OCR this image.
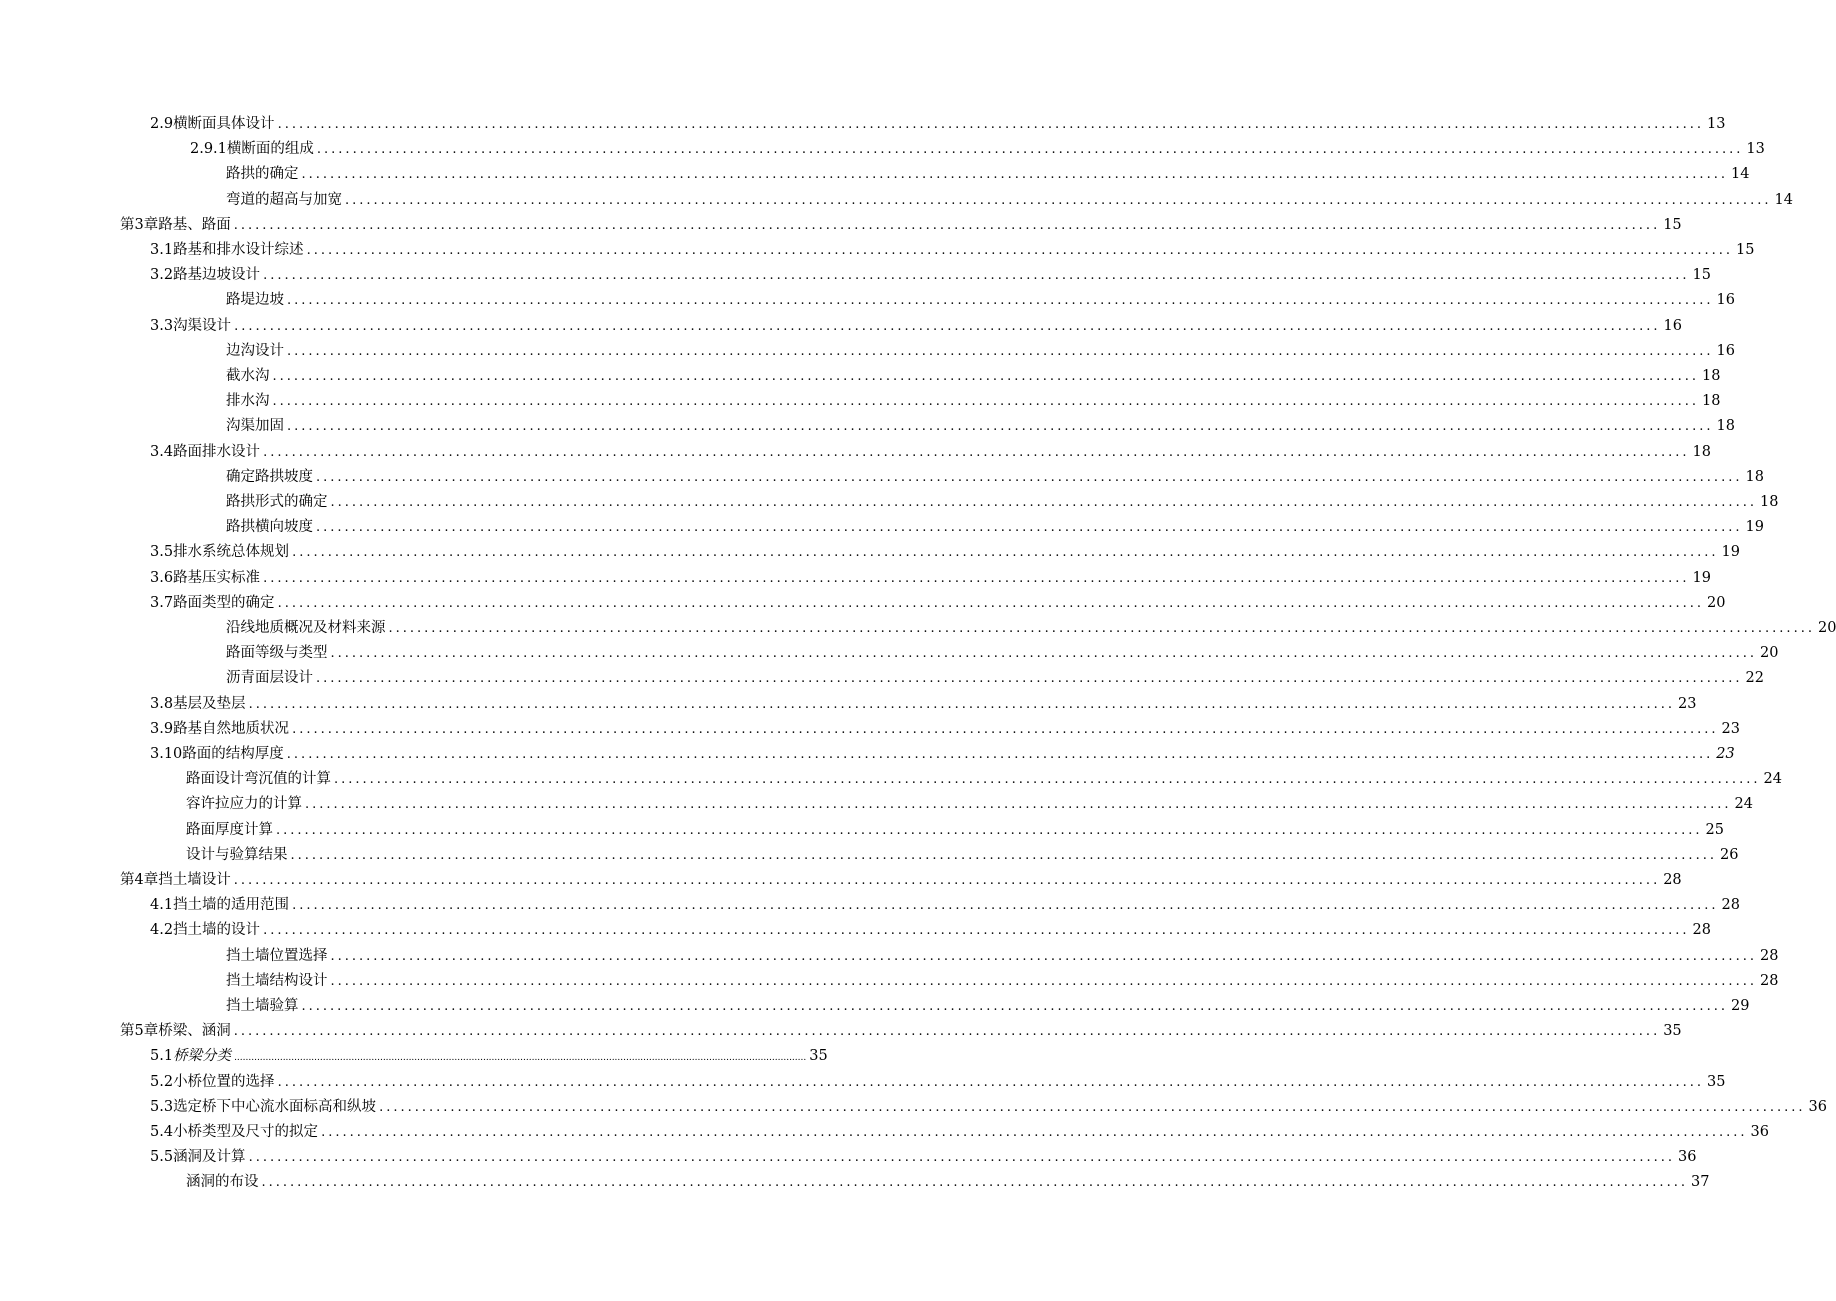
2.9 横断面具体设计 ........................................................................................................................................................................................................ 13
2.9.1 横断面的组成 ........................................................................................................................................................................................................ 13
路拱的确定 ........................................................................................................................................................................................................ 14
弯道的超高与加宽 ........................................................................................................................................................................................................ 14
第3章路基、路面 ........................................................................................................................................................................................................ 15
3.1 路基和排水设计综述 ........................................................................................................................................................................................................ 15
3.2 路基边坡设计 ........................................................................................................................................................................................................ 15
路堤边坡 ........................................................................................................................................................................................................ 16
3.3 沟渠设计 ........................................................................................................................................................................................................ 16
边沟设计 ........................................................................................................................................................................................................ 16
截水沟 ........................................................................................................................................................................................................ 18
排水沟 ........................................................................................................................................................................................................ 18
沟渠加固 ........................................................................................................................................................................................................ 18
3.4 路面排水设计 ........................................................................................................................................................................................................ 18
确定路拱坡度 ........................................................................................................................................................................................................ 18
路拱形式的确定 ........................................................................................................................................................................................................ 18
路拱横向坡度 ........................................................................................................................................................................................................ 19
3.5 排水系统总体规划 ........................................................................................................................................................................................................ 19
3.6 路基压实标准 ........................................................................................................................................................................................................ 19
3.7 路面类型的确定 ........................................................................................................................................................................................................ 20
沿线地质概况及材料来源 ........................................................................................................................................................................................................ 20
路面等级与类型 ........................................................................................................................................................................................................ 20
沥青面层设计 ........................................................................................................................................................................................................ 22
3.8 基层及垫层 ........................................................................................................................................................................................................ 23
3.9 路基自然地质状况 ........................................................................................................................................................................................................ 23
3.10 路面的结构厚度 ........................................................................................................................................................................................................ 23
路面设计弯沉值的计算 ........................................................................................................................................................................................................ 24
容许拉应力的计算 ........................................................................................................................................................................................................ 24
路面厚度计算 ........................................................................................................................................................................................................ 25
设计与验算结果 ........................................................................................................................................................................................................ 26
第4章挡土墙设计 ........................................................................................................................................................................................................ 28
4.1 挡土墙的适用范围 ........................................................................................................................................................................................................ 28
4.2 挡土墙的设计 ........................................................................................................................................................................................................ 28
挡土墙位置选择 ........................................................................................................................................................................................................ 28
挡土墙结构设计 ........................................................................................................................................................................................................ 28
挡土墙验算 ........................................................................................................................................................................................................ 29
第5章 桥梁、涵洞 ........................................................................................................................................................................................................ 35
5.1 桥梁分类 ........................................................................................................................................................................................................ 35
5.2 小桥位置的选择 ........................................................................................................................................................................................................ 35
5.3 选定桥下中心流水面标高和纵坡 ........................................................................................................................................................................................................ 36
5.4 小桥类型及尺寸的拟定 ........................................................................................................................................................................................................ 36
5.5 涵洞及计算 ........................................................................................................................................................................................................ 36
涵洞的布设 ........................................................................................................................................................................................................ 37
